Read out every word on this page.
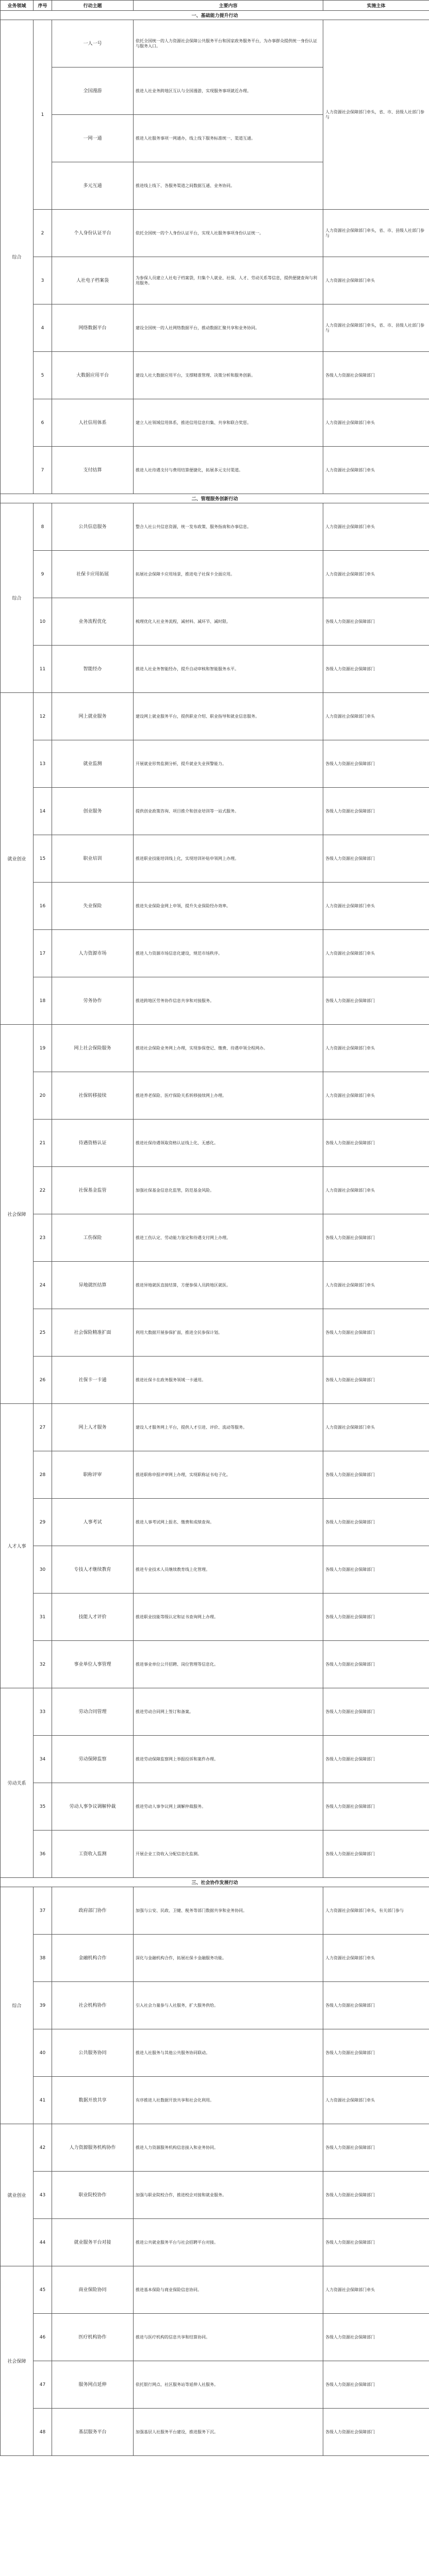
业务领域	序号	行动主题	主要内容	实施主体
一、基础能力提升行动				
综合	1	一人一号	依托全国统一的人力资源社会保障公共服务平台和国家政务服务平台，为办事群众提供统一身份认证与服务入口。	人力资源社会保障部门牵头，省、市、县级人社部门参与
		全国漫游	推进人社业务跨地区互认与全国漫游，实现服务事项就近办理。	
		一网一通	推进人社服务事项一网通办，线上线下服务标准统一、渠道互通。	
		多元互通	推进线上线下、各服务渠道之间数据互通、业务协同。	
	2	个人身份认证平台	依托全国统一的个人身份认证平台，实现人社服务事项身份认证统一。	人力资源社会保障部门牵头，省、市、县级人社部门参与
	3	人社电子档案袋	为参保人员建立人社电子档案袋，归集个人就业、社保、人才、劳动关系等信息，提供便捷查询与利用服务。	人力资源社会保障部门牵头
	4	网络数据平台	建设全国统一的人社网络数据平台，推动数据汇聚共享和业务协同。	人力资源社会保障部门牵头，省、市、县级人社部门参与
	5	大数据应用平台	建设人社大数据应用平台，支撑精准管理、决策分析和服务创新。	各级人力资源社会保障部门
	6	人社信用体系	建立人社领域信用体系，推进信用信息归集、共享和联合奖惩。	人力资源社会保障部门牵头
	7	支付结算	推进人社待遇支付与费用结算便捷化，拓展多元支付渠道。	人力资源社会保障部门牵头
二、管理服务创新行动				
综合	8	公共信息服务	整合人社公共信息资源，统一发布政策、服务指南和办事信息。	人力资源社会保障部门牵头
	9	社保卡应用拓展	拓展社会保障卡应用场景，推进电子社保卡全面应用。	人力资源社会保障部门牵头
	10	业务流程优化	梳理优化人社业务流程，减材料、减环节、减时限。	各级人力资源社会保障部门
	11	智能经办	推进人社业务智能经办，提升自动审核和智能服务水平。	各级人力资源社会保障部门
就业创业	12	网上就业服务	建设网上就业服务平台，提供职业介绍、职业指导和就业信息服务。	人力资源社会保障部门牵头
	13	就业监测	开展就业形势监测分析，提升就业失业预警能力。	各级人力资源社会保障部门
	14	创业服务	提供创业政策咨询、项目推介和创业培训等一站式服务。	各级人力资源社会保障部门
	15	职业培训	推进职业技能培训线上化，实现培训补贴申领网上办理。	各级人力资源社会保障部门
	16	失业保险	推进失业保险金网上申领，提升失业保险经办效率。	人力资源社会保障部门牵头
	17	人力资源市场	推进人力资源市场信息化建设，规范市场秩序。	人力资源社会保障部门牵头
	18	劳务协作	推进跨地区劳务协作信息共享和对接服务。	各级人力资源社会保障部门
社会保障	19	网上社会保险服务	推进社会保险业务网上办理，实现参保登记、缴费、待遇申领全程网办。	人力资源社会保障部门牵头
	20	社保转移接续	推进养老保险、医疗保险关系转移接续网上办理。	人力资源社会保障部门牵头
	21	待遇资格认证	推进社保待遇领取资格认证线上化、无感化。	各级人力资源社会保障部门
	22	社保基金监管	加强社保基金信息化监管，防范基金风险。	人力资源社会保障部门牵头
	23	工伤保险	推进工伤认定、劳动能力鉴定和待遇支付网上办理。	各级人力资源社会保障部门
	24	异地就医结算	推进异地就医直接结算，方便参保人员跨地区就医。	人力资源社会保障部门牵头
	25	社会保险精准扩面	利用大数据开展参保扩面，推进全民参保计划。	各级人力资源社会保障部门
	26	社保卡一卡通	推进社保卡在政务服务领域一卡通用。	各级人力资源社会保障部门
人才人事	27	网上人才服务	建设人才服务网上平台，提供人才引进、评价、流动等服务。	人力资源社会保障部门牵头
	28	职称评审	推进职称申报评审网上办理，实现职称证书电子化。	各级人力资源社会保障部门
	29	人事考试	推进人事考试网上报名、缴费和成绩查询。	各级人力资源社会保障部门
	30	专技人才继续教育	推进专业技术人员继续教育线上化管理。	各级人力资源社会保障部门
	31	技能人才评价	推进职业技能等级认定和证书查询网上办理。	各级人力资源社会保障部门
	32	事业单位人事管理	推进事业单位公开招聘、岗位管理等信息化。	各级人力资源社会保障部门
劳动关系	33	劳动合同管理	推进劳动合同网上签订和备案。	各级人力资源社会保障部门
	34	劳动保障监察	推进劳动保障监察网上举报投诉和案件办理。	各级人力资源社会保障部门
	35	劳动人事争议调解仲裁	推进劳动人事争议网上调解仲裁服务。	各级人力资源社会保障部门
	36	工资收入监测	开展企业工资收入分配信息化监测。	各级人力资源社会保障部门
三、社会协作发展行动				
综合	37	政府部门协作	加强与公安、民政、卫健、税务等部门数据共享和业务协同。	人力资源社会保障部门牵头，有关部门参与
	38	金融机构合作	深化与金融机构合作，拓展社保卡金融服务功能。	人力资源社会保障部门牵头
	39	社会机构协作	引入社会力量参与人社服务，扩大服务供给。	各级人力资源社会保障部门
	40	公共服务协同	推进人社服务与其他公共服务协同联动。	各级人力资源社会保障部门
	41	数据开放共享	有序推进人社数据开放共享和社会化利用。	人力资源社会保障部门牵头
就业创业	42	人力资源服务机构协作	推进人力资源服务机构信息接入和业务协同。	各级人力资源社会保障部门
	43	职业院校协作	加强与职业院校合作，推进校企对接和就业服务。	各级人力资源社会保障部门
	44	就业服务平台对接	推进公共就业服务平台与社会招聘平台对接。	各级人力资源社会保障部门
社会保障	45	商业保险协同	推进基本保险与商业保险信息协同。	人力资源社会保障部门牵头
	46	医疗机构协作	推进与医疗机构的信息共享和结算协同。	各级人力资源社会保障部门
	47	服务网点延伸	依托银行网点、社区服务站等延伸人社服务。	各级人力资源社会保障部门
	48	基层服务平台	加强基层人社服务平台建设，推进服务下沉。	各级人力资源社会保障部门
